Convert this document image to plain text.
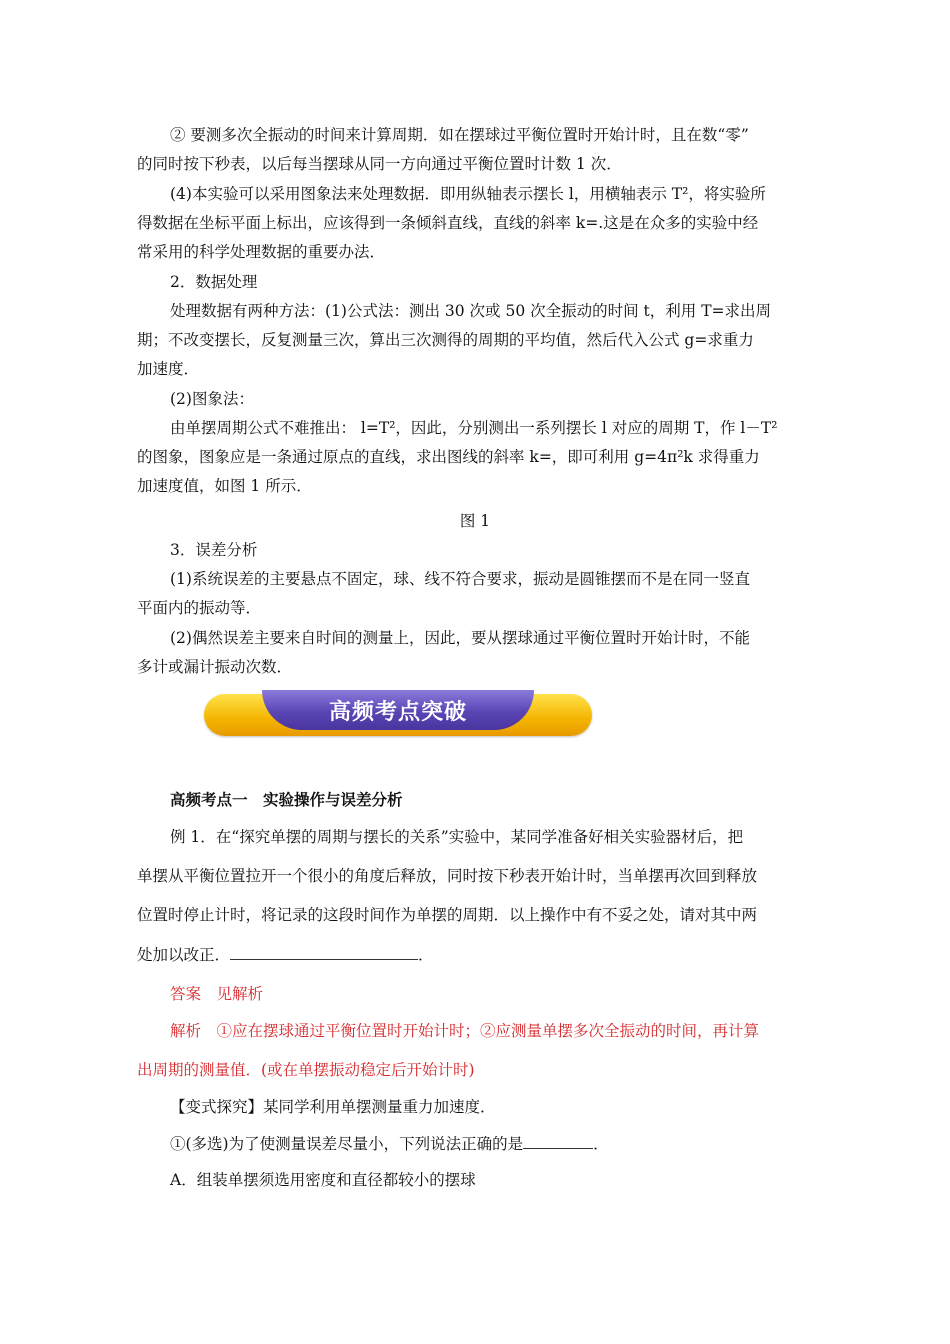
② 要测多次全振动的时间来计算周期．如在摆球过平衡位置时开始计时，且在数“零”
的同时按下秒表，以后每当摆球从同一方向通过平衡位置时计数 1 次．
(4)本实验可以采用图象法来处理数据．即用纵轴表示摆长 l，用横轴表示 T²，将实验所
得数据在坐标平面上标出，应该得到一条倾斜直线，直线的斜率 k=.这是在众多的实验中经
常采用的科学处理数据的重要办法．
2．数据处理
处理数据有两种方法：(1)公式法：测出 30 次或 50 次全振动的时间 t，利用 T=求出周
期；不改变摆长，反复测量三次，算出三次测得的周期的平均值，然后代入公式 g=求重力
加速度．
(2)图象法：
由单摆周期公式不难推出： l=T²，因此，分别测出一系列摆长 l 对应的周期 T，作 l－T²
的图象，图象应是一条通过原点的直线，求出图线的斜率 k=，即可利用 g=4π²k 求得重力
加速度值，如图 1 所示．
图 1
3．误差分析
(1)系统误差的主要悬点不固定，球、线不符合要求，振动是圆锥摆而不是在同一竖直
平面内的振动等．
(2)偶然误差主要来自时间的测量上，因此，要从摆球通过平衡位置时开始计时，不能
多计或漏计振动次数．
高频考点突破
高频考点一　实验操作与误差分析
例 1．在“探究单摆的周期与摆长的关系”实验中，某同学准备好相关实验器材后，把
单摆从平衡位置拉开一个很小的角度后释放，同时按下秒表开始计时，当单摆再次回到释放
位置时停止计时，将记录的这段时间作为单摆的周期．以上操作中有不妥之处，请对其中两
处加以改正．	．
答案　见解析
解析　①应在摆球通过平衡位置时开始计时；②应测量单摆多次全振动的时间，再计算
出周期的测量值．(或在单摆振动稳定后开始计时)
【变式探究】某同学利用单摆测量重力加速度．
①(多选)为了使测量误差尽量小，下列说法正确的是	．
A．组装单摆须选用密度和直径都较小的摆球
